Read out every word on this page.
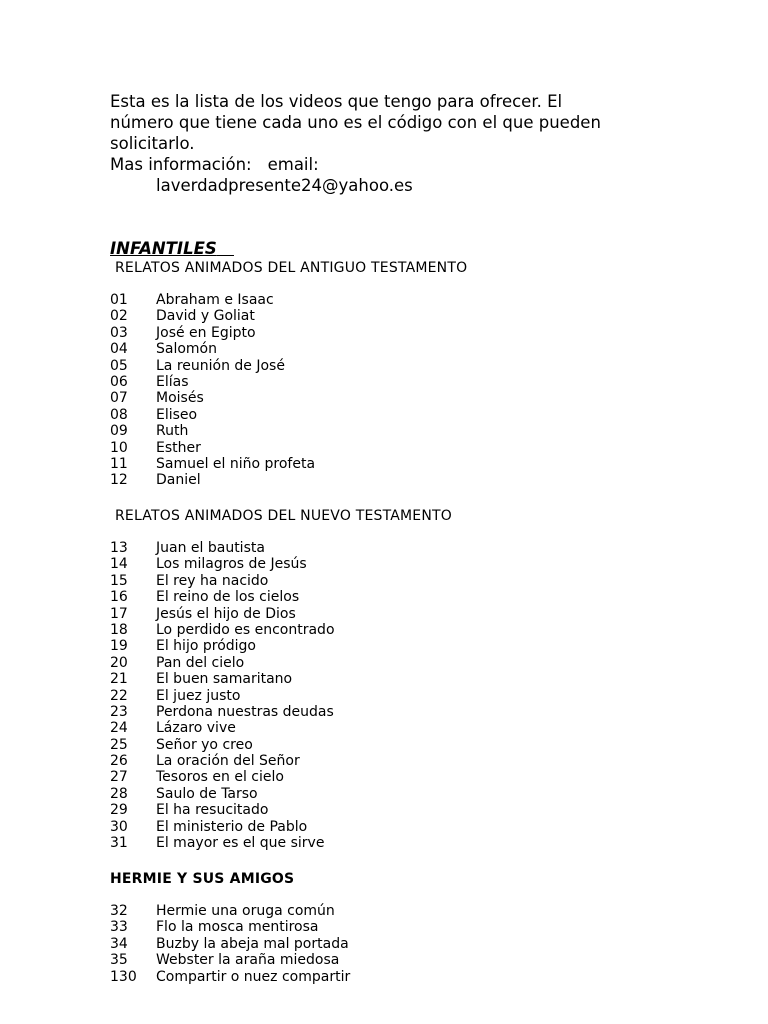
Esta es la lista de los videos que tengo para ofrecer. El
número que tiene cada uno es el código con el que pueden
solicitarlo.
Mas información: email:
laverdadpresente24@yahoo.es
INFANTILES
RELATOS ANIMADOS DEL ANTIGUO TESTAMENTO
01	Abraham e Isaac
02	David y Goliat
03	José en Egipto
04	Salomón
05	La reunión de José
06	Elías
07	Moisés
08	Eliseo
09	Ruth
10	Esther
11	Samuel el niño profeta
12	Daniel
RELATOS ANIMADOS DEL NUEVO TESTAMENTO
13	Juan el bautista
14	Los milagros de Jesús
15	El rey ha nacido
16	El reino de los cielos
17	Jesús el hijo de Dios
18	Lo perdido es encontrado
19	El hijo pródigo
20	Pan del cielo
21	El buen samaritano
22	El juez justo
23	Perdona nuestras deudas
24	Lázaro vive
25	Señor yo creo
26	La oración del Señor
27	Tesoros en el cielo
28	Saulo de Tarso
29	El ha resucitado
30	El ministerio de Pablo
31	El mayor es el que sirve
HERMIE Y SUS AMIGOS
32	Hermie una oruga común
33	Flo la mosca mentirosa
34	Buzby la abeja mal portada
35	Webster la araña miedosa
130	Compartir o nuez compartir
